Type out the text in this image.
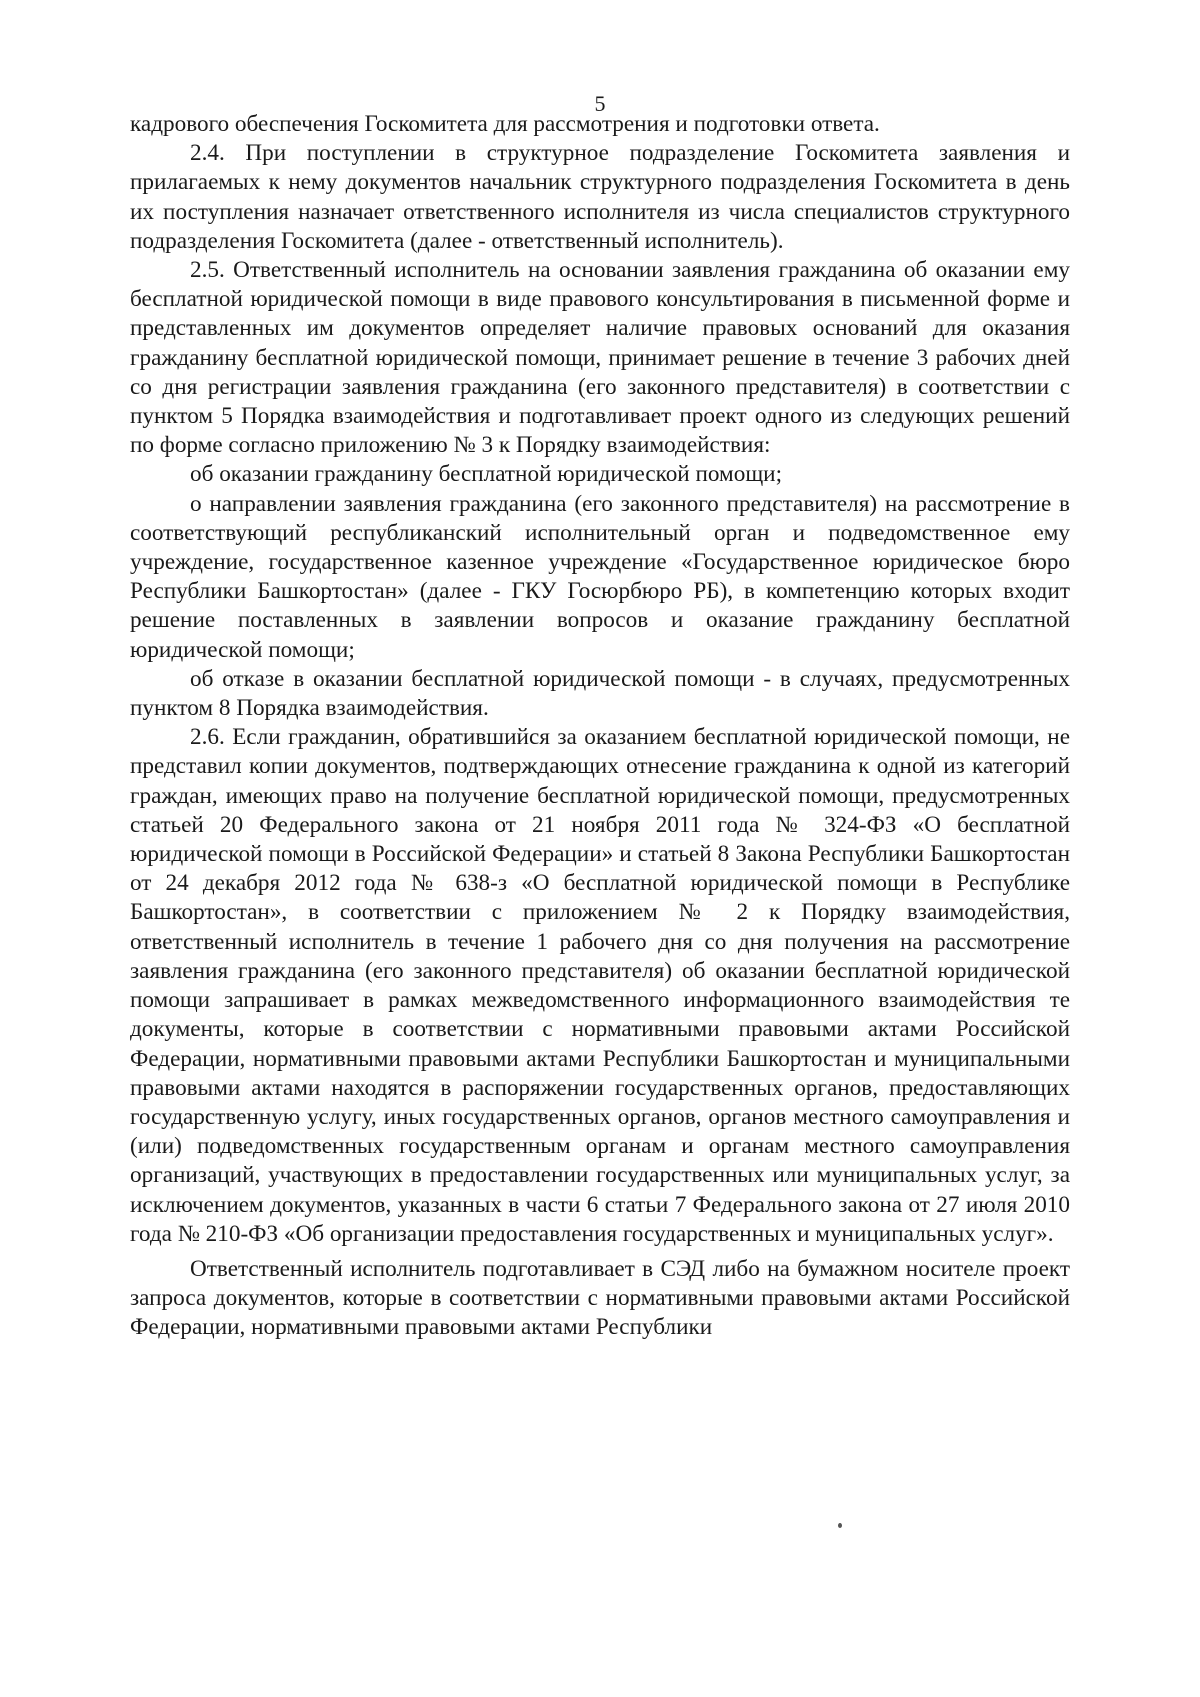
5

кадрового обеспечения Госкомитета для рассмотрения и подготовки ответа.

2.4. При поступлении в структурное подразделение Госкомитета заявления и прилагаемых к нему документов начальник структурного подразделения Госкомитета в день их поступления назначает ответственного исполнителя из числа специалистов структурного подразделения Госкомитета (далее - ответственный исполнитель).

2.5. Ответственный исполнитель на основании заявления гражданина об оказании ему бесплатной юридической помощи в виде правового консультирования в письменной форме и представленных им документов определяет наличие правовых оснований для оказания гражданину бесплатной юридической помощи, принимает решение в течение 3 рабочих дней со дня регистрации заявления гражданина (его законного представителя) в соответствии с пунктом 5 Порядка взаимодействия и подготавливает проект одного из следующих решений по форме согласно приложению № 3 к Порядку взаимодействия:

об оказании гражданину бесплатной юридической помощи;

о направлении заявления гражданина (его законного представителя) на рассмотрение в соответствующий республиканский исполнительный орган и подведомственное ему учреждение, государственное казенное учреждение «Государственное юридическое бюро Республики Башкортостан» (далее - ГКУ Госюрбюро РБ), в компетенцию которых входит решение поставленных в заявлении вопросов и оказание гражданину бесплатной юридической помощи;

об отказе в оказании бесплатной юридической помощи - в случаях, предусмотренных пунктом 8 Порядка взаимодействия.

2.6. Если гражданин, обратившийся за оказанием бесплатной юридической помощи, не представил копии документов, подтверждающих отнесение гражданина к одной из категорий граждан, имеющих право на получение бесплатной юридической помощи, предусмотренных статьей 20 Федерального закона от 21 ноября 2011 года № 324-ФЗ «О бесплатной юридической помощи в Российской Федерации» и статьей 8 Закона Республики Башкортостан от 24 декабря 2012 года № 638-з «О бесплатной юридической помощи в Республике Башкортостан», в соответствии с приложением № 2 к Порядку взаимодействия, ответственный исполнитель в течение 1 рабочего дня со дня получения на рассмотрение заявления гражданина (его законного представителя) об оказании бесплатной юридической помощи запрашивает в рамках межведомственного информационного взаимодействия те документы, которые в соответствии с нормативными правовыми актами Российской Федерации, нормативными правовыми актами Республики Башкортостан и муниципальными правовыми актами находятся в распоряжении государственных органов, предоставляющих государственную услугу, иных государственных органов, органов местного самоуправления и (или) подведомственных государственным органам и органам местного самоуправления организаций, участвующих в предоставлении государственных или муниципальных услуг, за исключением документов, указанных в части 6 статьи 7 Федерального закона от 27 июля 2010 года № 210-ФЗ «Об организации предоставления государственных и муниципальных услуг».

Ответственный исполнитель подготавливает в СЭД либо на бумажном носителе проект запроса документов, которые в соответствии с нормативными правовыми актами Российской Федерации, нормативными правовыми актами Республики
